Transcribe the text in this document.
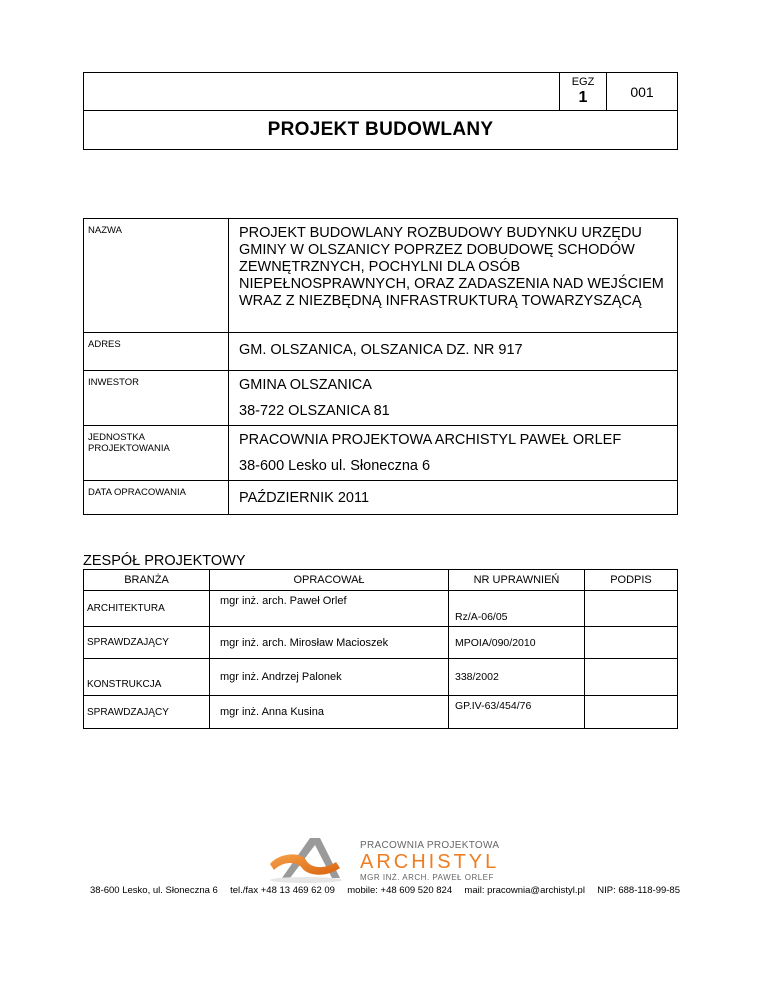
EGZ
1	001
PROJEKT BUDOWLANY
NAZWA	PROJEKT BUDOWLANY ROZBUDOWY BUDYNKU URZĘDU GMINY W OLSZANICY POPRZEZ DOBUDOWĘ SCHODÓW ZEWNĘTRZNYCH, POCHYLNI DLA OSÓB NIEPEŁNOSPRAWNYCH, ORAZ ZADASZENIA NAD WEJŚCIEM WRAZ Z NIEZBĘDNĄ INFRASTRUKTURĄ TOWARZYSZĄCĄ
ADRES	GM. OLSZANICA, OLSZANICA DZ. NR 917
INWESTOR	GMINA OLSZANICA
38-722 OLSZANICA 81

JEDNOSTKA PROJEKTOWANIA	PRACOWNIA PROJEKTOWA ARCHISTYL PAWEŁ ORLEF
38-600 Lesko ul. Słoneczna 6

DATA OPRACOWANIA	PAŹDZIERNIK 2011
ZESPÓŁ PROJEKTOWY
BRANŻA	OPRACOWAŁ	NR UPRAWNIEŃ	PODPIS
ARCHITEKTURA	mgr inż. arch. Paweł Orlef	Rz/A-06/05	
SPRAWDZAJĄCY	mgr inż. arch. Mirosław Macioszek	MPOIA/090/2010	
KONSTRUKCJA	mgr inż. Andrzej Palonek	338/2002	
SPRAWDZAJĄCY	mgr inż. Anna Kusina	GP.IV-63/454/76	
PRACOWNIA PROJEKTOWA
ARCHISTYL
MGR INŻ. ARCH. PAWEŁ ORLEF
38-600 Lesko, ul. Słoneczna 6 tel./fax +48 13 469 62 09 mobile: +48 609 520 824 mail: pracownia@archistyl.pl NIP: 688-118-99-85
